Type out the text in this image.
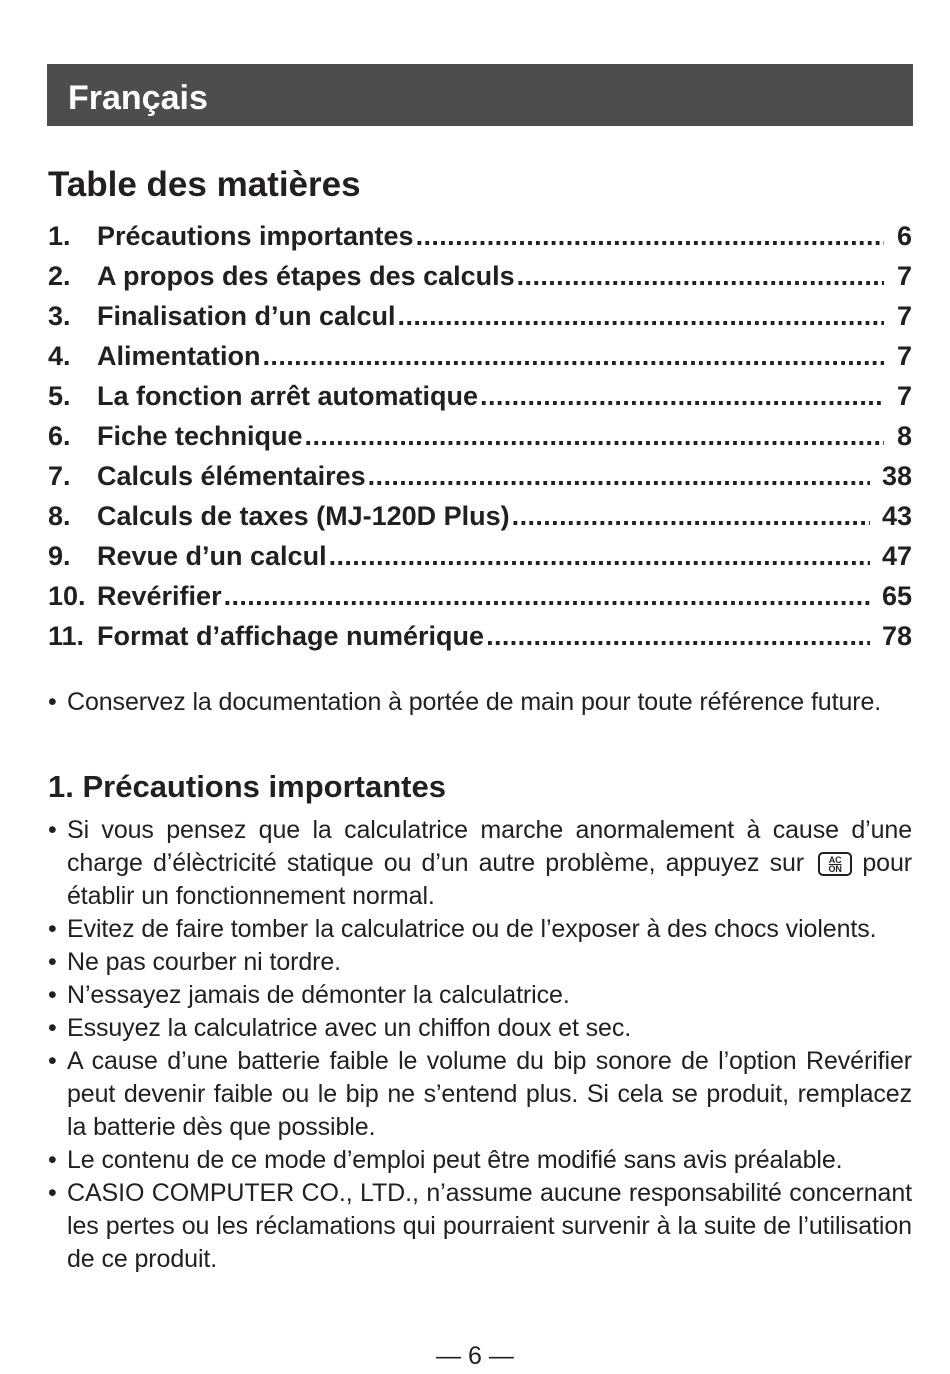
Français
Table des matières
1. Précautions importantes .....	6
2. A propos des étapes des calculs .....	7
3. Finalisation d’un calcul .....	7
4. Alimentation .....	7
5. La fonction arrêt automatique .....	7
6. Fiche technique .....	8
7. Calculs élémentaires .....	38
8. Calculs de taxes (MJ-120D Plus) .....	43
9. Revue d’un calcul .....	47
10. Revérifier .....	65
11. Format d’affichage numérique .....	78
• Conservez la documentation à portée de main pour toute référence future.
1. Précautions importantes
• Si vous pensez que la calculatrice marche anormalement à cause d’une charge d’élèctricité statique ou d’un autre problème, appuyez sur $\frac{AC}{ON}$ pour établir un fonctionnement normal.
• Evitez de faire tomber la calculatrice ou de l’exposer à des chocs violents.
• Ne pas courber ni tordre.
• N’essayez jamais de démonter la calculatrice.
• Essuyez la calculatrice avec un chiffon doux et sec.
• A cause d’une batterie faible le volume du bip sonore de l’option Revérifier peut devenir faible ou le bip ne s’entend plus. Si cela se produit, remplacez la batterie dès que possible.
• Le contenu de ce mode d’emploi peut être modifié sans avis préalable.
• CASIO COMPUTER CO., LTD., n’assume aucune responsabilité concernant les pertes ou les réclamations qui pourraient survenir à la suite de l’utilisation de ce produit.
— 6 —
